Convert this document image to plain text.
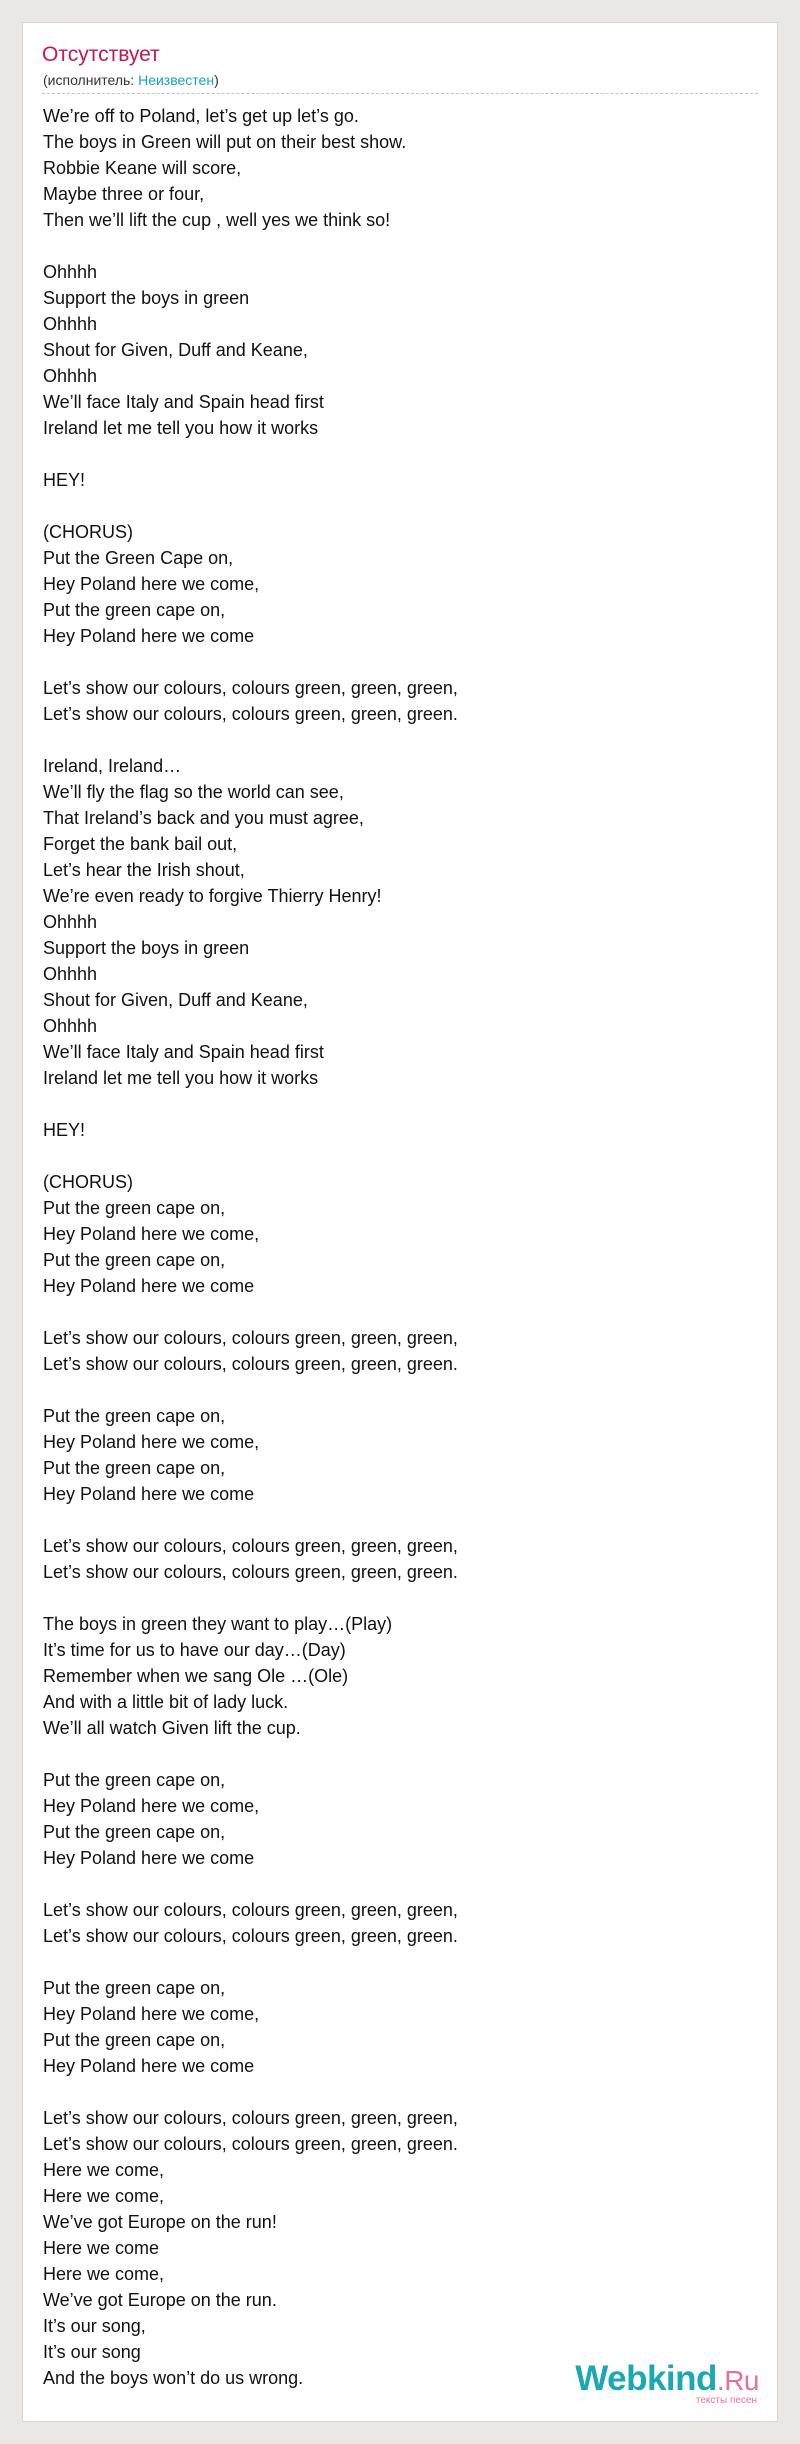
Отсутствует
(исполнитель: Неизвестен)
We’re off to Poland, let’s get up let’s go.
The boys in Green will put on their best show.
Robbie Keane will score,
Maybe three or four,
Then we’ll lift the cup , well yes we think so!

Ohhhh
Support the boys in green
Ohhhh
Shout for Given, Duff and Keane,
Ohhhh
We’ll face Italy and Spain head first
Ireland let me tell you how it works

HEY!

(CHORUS)
Put the Green Cape on,
Hey Poland here we come,
Put the green cape on,
Hey Poland here we come

Let’s show our colours, colours green, green, green,
Let’s show our colours, colours green, green, green.

Ireland, Ireland…
We’ll fly the flag so the world can see,
That Ireland’s back and you must agree,
Forget the bank bail out,
Let’s hear the Irish shout,
We’re even ready to forgive Thierry Henry!
Ohhhh
Support the boys in green
Ohhhh
Shout for Given, Duff and Keane,
Ohhhh
We’ll face Italy and Spain head first
Ireland let me tell you how it works

HEY!

(CHORUS)
Put the green cape on,
Hey Poland here we come,
Put the green cape on,
Hey Poland here we come

Let’s show our colours, colours green, green, green,
Let’s show our colours, colours green, green, green.

Put the green cape on,
Hey Poland here we come,
Put the green cape on,
Hey Poland here we come

Let’s show our colours, colours green, green, green,
Let’s show our colours, colours green, green, green.

The boys in green they want to play…(Play)
It’s time for us to have our day…(Day)
Remember when we sang Ole …(Ole)
And with a little bit of lady luck.
We’ll all watch Given lift the cup.

Put the green cape on,
Hey Poland here we come,
Put the green cape on,
Hey Poland here we come

Let’s show our colours, colours green, green, green,
Let’s show our colours, colours green, green, green.

Put the green cape on,
Hey Poland here we come,
Put the green cape on,
Hey Poland here we come

Let’s show our colours, colours green, green, green,
Let’s show our colours, colours green, green, green.
Here we come,
Here we come,
We’ve got Europe on the run!
Here we come
Here we come,
We’ve got Europe on the run.
It’s our song,
It’s our song
And the boys won’t do us wrong.	Webkind.Ru
тексты песен
